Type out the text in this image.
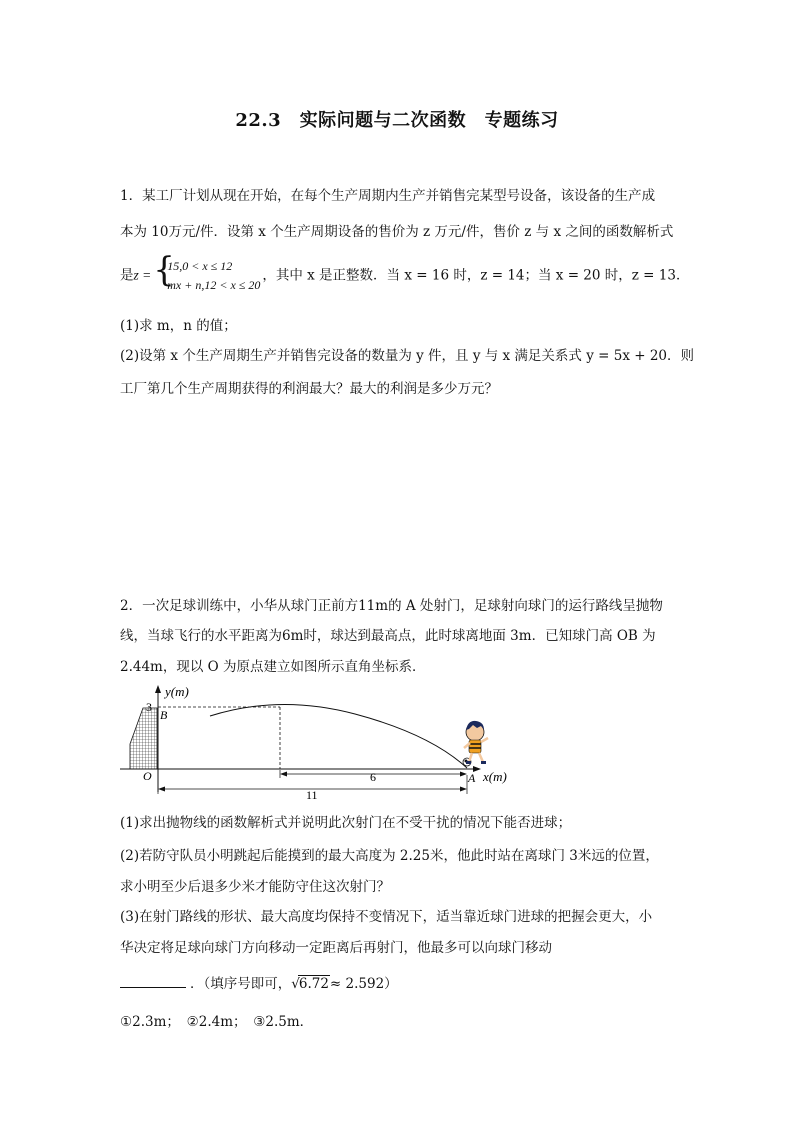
22.3　实际问题与二次函数　专题练习
1．某工厂计划从现在开始，在每个生产周期内生产并销售完某型号设备，该设备的生产成
本为 10万元/件．设第 x 个生产周期设备的售价为 z 万元/件，售价 z 与 x 之间的函数解析式
是z = {
15,0 < x ≤ 12
mx + n,12 < x ≤ 20
，其中 x 是正整数．当 x = 16 时，z = 14；当 x = 20 时，z = 13．
(1)求 m，n 的值；
(2)设第 x 个生产周期生产并销售完设备的数量为 y 件，且 y 与 x 满足关系式 y = 5x + 20．则
工厂第几个生产周期获得的利润最大？最大的利润是多少万元？
2．一次足球训练中，小华从球门正前方11m的 A 处射门，足球射向球门的运行路线呈抛物
线，当球飞行的水平距离为6m时，球达到最高点，此时球离地面 3m．已知球门高 OB 为
2.44m，现以 O 为原点建立如图所示直角坐标系．
y(m)
x(m)
3
B
O	A
11
6
(1)求出抛物线的函数解析式并说明此次射门在不受干扰的情况下能否进球；
(2)若防守队员小明跳起后能摸到的最大高度为 2.25米，他此时站在离球门 3米远的位置，
求小明至少后退多少米才能防守住这次射门？
(3)在射门路线的形状、最大高度均保持不变情况下，适当靠近球门进球的把握会更大，小
华决定将足球向球门方向移动一定距离后再射门，他最多可以向球门移动
．（填序号即可，√6.72≈ 2.592）
①2.3m；　②2.4m；　③2.5m．
